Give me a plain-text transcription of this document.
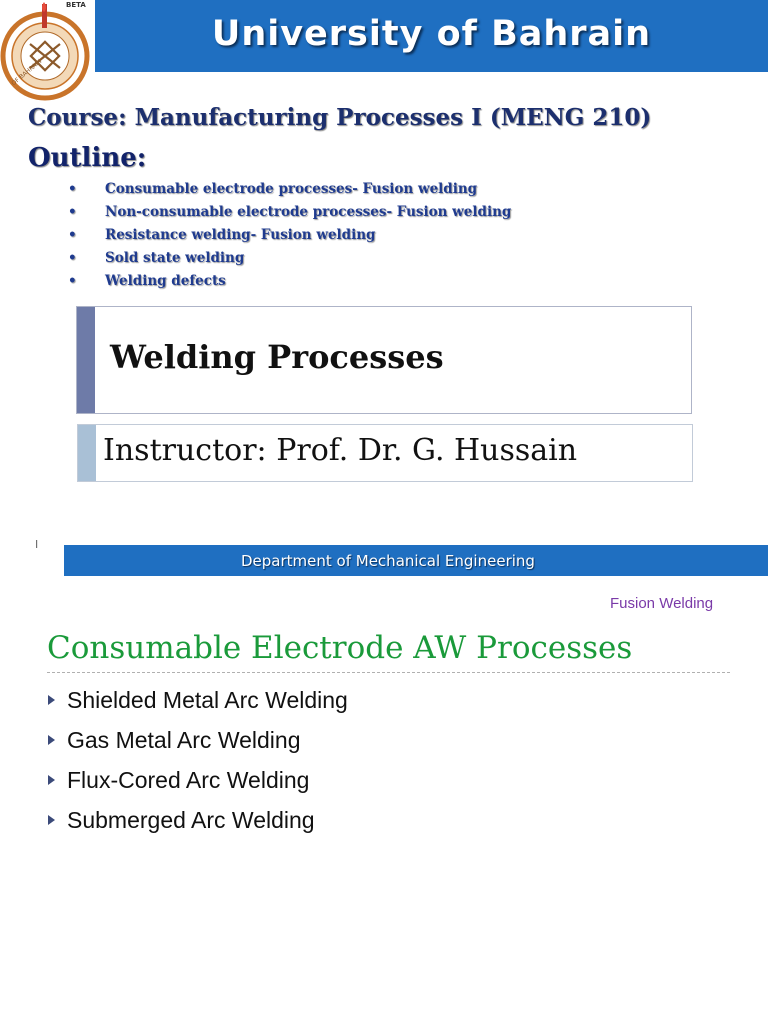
University of Bahrain
OF BAHRAIN
BETA
Course: Manufacturing Processes I (MENG 210)
Outline:
• Consumable electrode processes- Fusion welding
• Non-consumable electrode processes- Fusion welding
• Resistance welding- Fusion welding
• Sold state welding
• Welding defects
Welding Processes
Instructor: Prof. Dr. G. Hussain
I
Department of Mechanical Engineering
Fusion Welding
Consumable Electrode AW Processes
Shielded Metal Arc Welding
Gas Metal Arc Welding
Flux-Cored Arc Welding
Submerged Arc Welding
